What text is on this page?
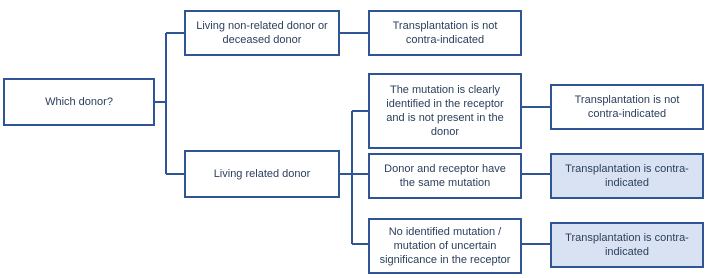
Which donor?
Living non-related donor or deceased donor
Transplantation is not contra-indicated
Living related donor
The mutation is clearly identified in the receptor and is not present in the donor
Transplantation is not contra-indicated
Donor and receptor have the same mutation
Transplantation is contra-indicated
No identified mutation / mutation of uncertain significance in the receptor
Transplantation is contra-indicated
